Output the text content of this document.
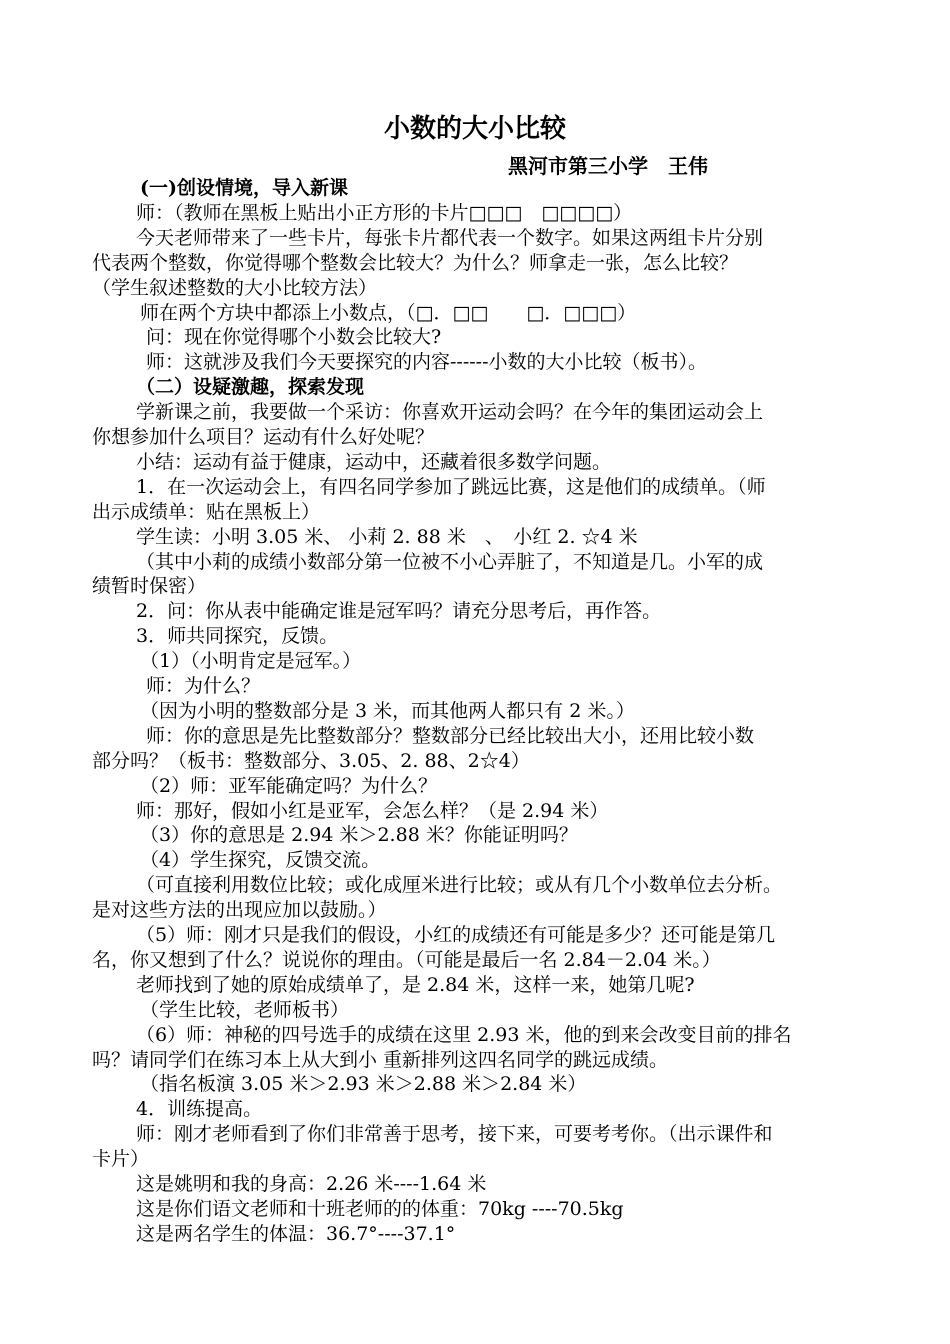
小数的大小比较
黑河市第三小学　王伟
(一)创设情境，导入新课
师：（教师在黑板上贴出小正方形的卡片□□□　□□□□）
今天老师带来了一些卡片，每张卡片都代表一个数字。如果这两组卡片分别
代表两个整数，你觉得哪个整数会比较大？为什么？师拿走一张，怎么比较？
（学生叙述整数的大小比较方法）
师在两个方块中都添上小数点，（□．□□　　□．□□□）
问：现在你觉得哪个小数会比较大?
师：这就涉及我们今天要探究的内容------小数的大小比较（板书）。
（二）设疑激趣，探索发现
学新课之前，我要做一个采访：你喜欢开运动会吗？在今年的集团运动会上
你想参加什么项目？运动有什么好处呢？
小结：运动有益于健康，运动中，还藏着很多数学问题。
1．在一次运动会上，有四名同学参加了跳远比赛，这是他们的成绩单。（师
出示成绩单：贴在黑板上）
学生读：小明 3.05 米、 小莉 2. 88 米　、　小红 2. ☆4 米
（其中小莉的成绩小数部分第一位被不小心弄脏了，不知道是几。小军的成
绩暂时保密）
2．问：你从表中能确定谁是冠军吗？请充分思考后，再作答。
3．师共同探究，反馈。
（1）（小明肯定是冠军。）
师：为什么？
（因为小明的整数部分是 3 米，而其他两人都只有 2 米。）
师：你的意思是先比整数部分？整数部分已经比较出大小，还用比较小数
部分吗？（板书：整数部分、3.05、2. 88、2☆4）
（2）师：亚军能确定吗？为什么？
师：那好，假如小红是亚军，会怎么样？（是 2.94 米）
（3）你的意思是 2.94 米＞2.88 米？你能证明吗？
（4）学生探究，反馈交流。
（可直接利用数位比较；或化成厘米进行比较；或从有几个小数单位去分析。
是对这些方法的出现应加以鼓励。）
（5）师：刚才只是我们的假设，小红的成绩还有可能是多少？还可能是第几
名，你又想到了什么？说说你的理由。（可能是最后一名 2.84－2.04 米。）
老师找到了她的原始成绩单了，是 2.84 米，这样一来，她第几呢?
（学生比较，老师板书）
（6）师：神秘的四号选手的成绩在这里 2.93 米，他的到来会改变目前的排名
吗？请同学们在练习本上从大到小 重新排列这四名同学的跳远成绩。
（指名板演 3.05 米＞2.93 米＞2.88 米＞2.84 米）
4．训练提高。
师：刚才老师看到了你们非常善于思考，接下来，可要考考你。（出示课件和
卡片）
这是姚明和我的身高：2.26 米----1.64 米
这是你们语文老师和十班老师的的体重：70kg ----70.5kg
这是两名学生的体温：36.7°----37.1°
